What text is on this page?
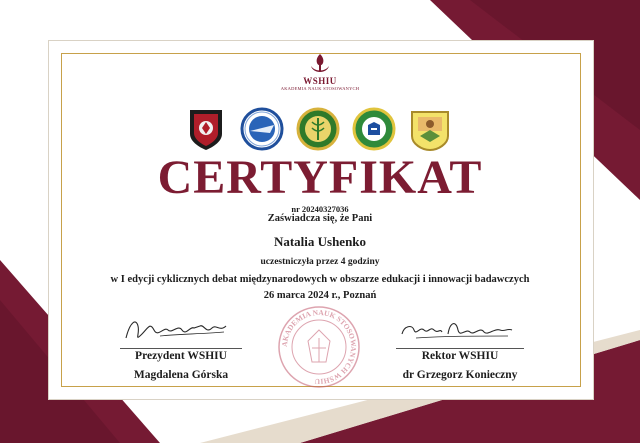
WSHIU
AKADEMIA NAUK STOSOWANYCH
CERTYFIKAT
nr 20240327036
Zaświadcza się, że Pani
Natalia Ushenko
uczestniczyła przez 4 godziny
w I edycji cyklicznych debat międzynarodowych w obszarze edukacji i innowacji badawczych
26 marca 2024 r., Poznań
Prezydent WSHIU
Magdalena Górska
AKADEMIA NAUK STOSOWANYCH WSHIU
Rektor WSHIU
dr Grzegorz Konieczny
